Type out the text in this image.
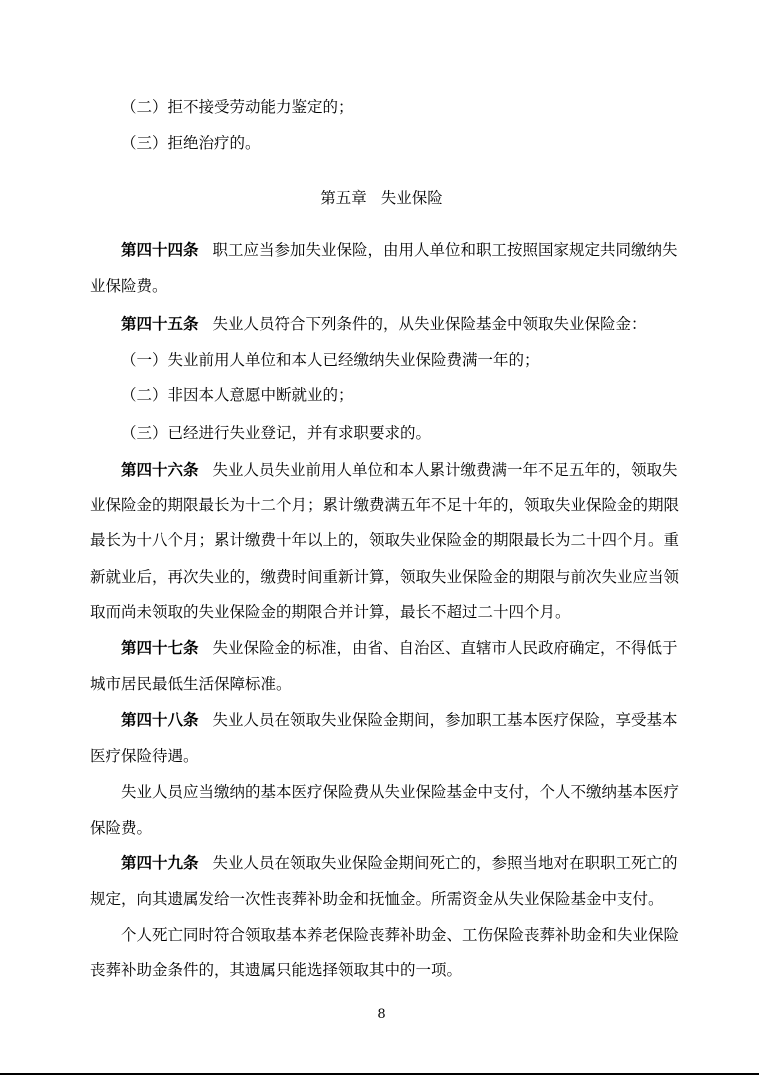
（二）拒不接受劳动能力鉴定的；
（三）拒绝治疗的。
第五章 失业保险
第四十四条 职工应当参加失业保险，由用人单位和职工按照国家规定共同缴纳失
业保险费。
第四十五条 失业人员符合下列条件的，从失业保险基金中领取失业保险金：
（一）失业前用人单位和本人已经缴纳失业保险费满一年的；
（二）非因本人意愿中断就业的；
（三）已经进行失业登记，并有求职要求的。
第四十六条 失业人员失业前用人单位和本人累计缴费满一年不足五年的，领取失
业保险金的期限最长为十二个月；累计缴费满五年不足十年的，领取失业保险金的期限
最长为十八个月；累计缴费十年以上的，领取失业保险金的期限最长为二十四个月。重
新就业后，再次失业的，缴费时间重新计算，领取失业保险金的期限与前次失业应当领
取而尚未领取的失业保险金的期限合并计算，最长不超过二十四个月。
第四十七条 失业保险金的标准，由省、自治区、直辖市人民政府确定，不得低于
城市居民最低生活保障标准。
第四十八条 失业人员在领取失业保险金期间，参加职工基本医疗保险，享受基本
医疗保险待遇。
失业人员应当缴纳的基本医疗保险费从失业保险基金中支付，个人不缴纳基本医疗
保险费。
第四十九条 失业人员在领取失业保险金期间死亡的，参照当地对在职职工死亡的
规定，向其遗属发给一次性丧葬补助金和抚恤金。所需资金从失业保险基金中支付。
个人死亡同时符合领取基本养老保险丧葬补助金、工伤保险丧葬补助金和失业保险
丧葬补助金条件的，其遗属只能选择领取其中的一项。
8
